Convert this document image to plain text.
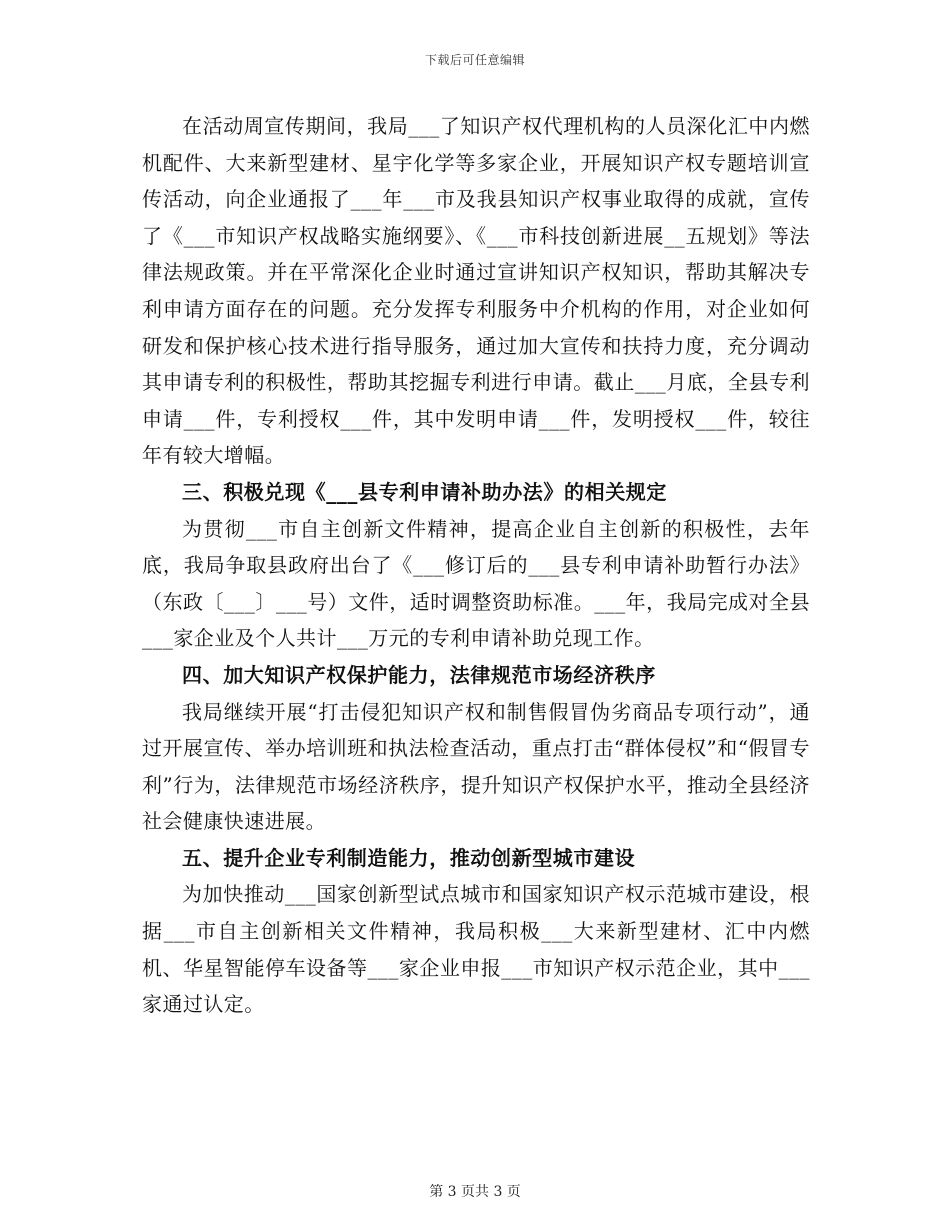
下载后可任意编辑

在活动周宣传期间，我局___了知识产权代理机构的人员深化汇中内燃机配件、大来新型建材、星宇化学等多家企业，开展知识产权专题培训宣传活动，向企业通报了___年___市及我县知识产权事业取得的成就，宣传了《___市知识产权战略实施纲要》、《___市科技创新进展__五规划》等法律法规政策。并在平常深化企业时通过宣讲知识产权知识，帮助其解决专利申请方面存在的问题。充分发挥专利服务中介机构的作用，对企业如何研发和保护核心技术进行指导服务，通过加大宣传和扶持力度，充分调动其申请专利的积极性，帮助其挖掘专利进行申请。截止___月底，全县专利申请___件，专利授权___件，其中发明申请___件，发明授权___件，较往年有较大增幅。

三、积极兑现《___县专利申请补助办法》的相关规定

为贯彻___市自主创新文件精神，提高企业自主创新的积极性，去年底，我局争取县政府出台了《___修订后的___县专利申请补助暂行办法》（东政〔___〕___号）文件，适时调整资助标准。___年，我局完成对全县___家企业及个人共计___万元的专利申请补助兑现工作。

四、加大知识产权保护能力，法律规范市场经济秩序

我局继续开展“打击侵犯知识产权和制售假冒伪劣商品专项行动”，通过开展宣传、举办培训班和执法检查活动，重点打击“群体侵权”和“假冒专利”行为，法律规范市场经济秩序，提升知识产权保护水平，推动全县经济社会健康快速进展。

五、提升企业专利制造能力，推动创新型城市建设

为加快推动___国家创新型试点城市和国家知识产权示范城市建设，根据___市自主创新相关文件精神，我局积极___大来新型建材、汇中内燃机、华星智能停车设备等___家企业申报___市知识产权示范企业，其中___家通过认定。

第 3 页共 3 页
